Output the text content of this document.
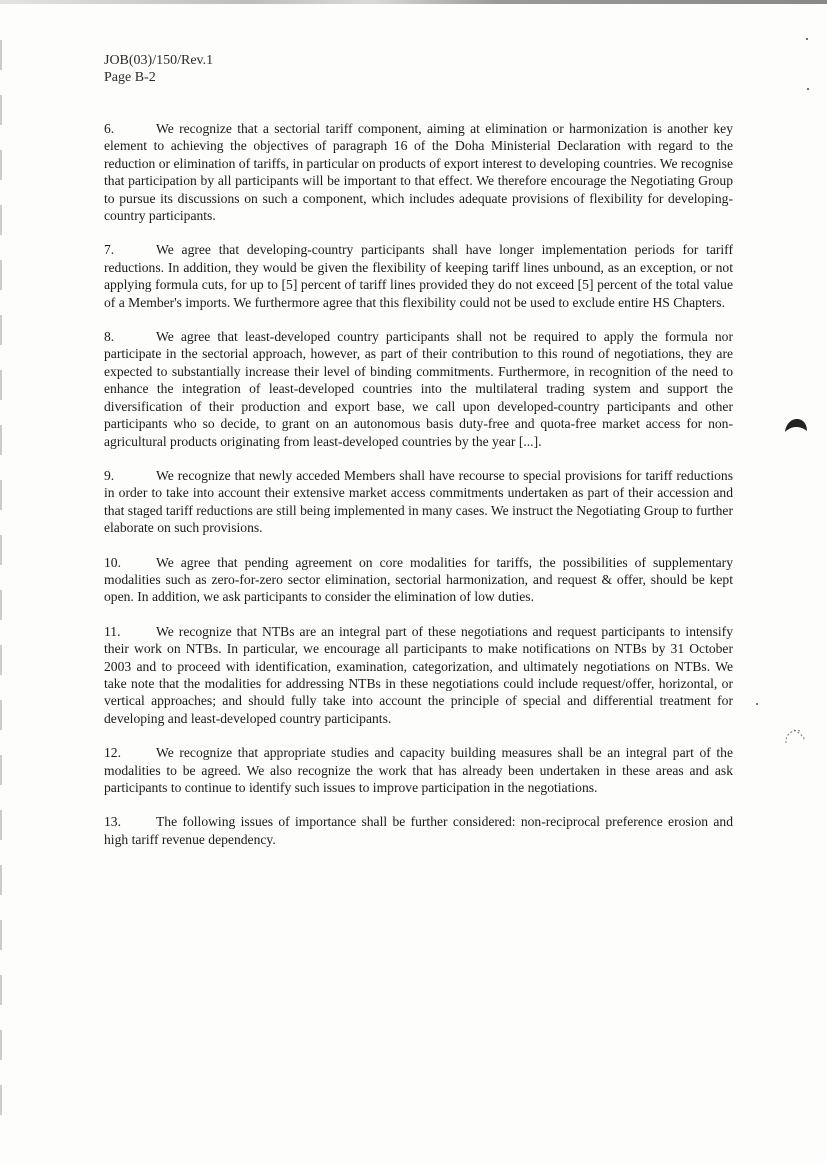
JOB(03)/150/Rev.1
Page B-2

6.	We recognize that a sectorial tariff component, aiming at elimination or harmonization is another key element to achieving the objectives of paragraph 16 of the Doha Ministerial Declaration with regard to the reduction or elimination of tariffs, in particular on products of export interest to developing countries. We recognise that participation by all participants will be important to that effect. We therefore encourage the Negotiating Group to pursue its discussions on such a component, which includes adequate provisions of flexibility for developing-country participants.

7.	We agree that developing-country participants shall have longer implementation periods for tariff reductions. In addition, they would be given the flexibility of keeping tariff lines unbound, as an exception, or not applying formula cuts, for up to [5] percent of tariff lines provided they do not exceed [5] percent of the total value of a Member's imports. We furthermore agree that this flexibility could not be used to exclude entire HS Chapters.

8.	We agree that least-developed country participants shall not be required to apply the formula nor participate in the sectorial approach, however, as part of their contribution to this round of negotiations, they are expected to substantially increase their level of binding commitments. Furthermore, in recognition of the need to enhance the integration of least-developed countries into the multilateral trading system and support the diversification of their production and export base, we call upon developed-country participants and other participants who so decide, to grant on an autonomous basis duty-free and quota-free market access for non-agricultural products originating from least-developed countries by the year [...].

9.	We recognize that newly acceded Members shall have recourse to special provisions for tariff reductions in order to take into account their extensive market access commitments undertaken as part of their accession and that staged tariff reductions are still being implemented in many cases. We instruct the Negotiating Group to further elaborate on such provisions.

10.	We agree that pending agreement on core modalities for tariffs, the possibilities of supplementary modalities such as zero-for-zero sector elimination, sectorial harmonization, and request & offer, should be kept open. In addition, we ask participants to consider the elimination of low duties.

11.	We recognize that NTBs are an integral part of these negotiations and request participants to intensify their work on NTBs. In particular, we encourage all participants to make notifications on NTBs by 31 October 2003 and to proceed with identification, examination, categorization, and ultimately negotiations on NTBs. We take note that the modalities for addressing NTBs in these negotiations could include request/offer, horizontal, or vertical approaches; and should fully take into account the principle of special and differential treatment for developing and least-developed country participants.

12.	We recognize that appropriate studies and capacity building measures shall be an integral part of the modalities to be agreed. We also recognize the work that has already been undertaken in these areas and ask participants to continue to identify such issues to improve participation in the negotiations.

13.	The following issues of importance shall be further considered: non-reciprocal preference erosion and high tariff revenue dependency.
